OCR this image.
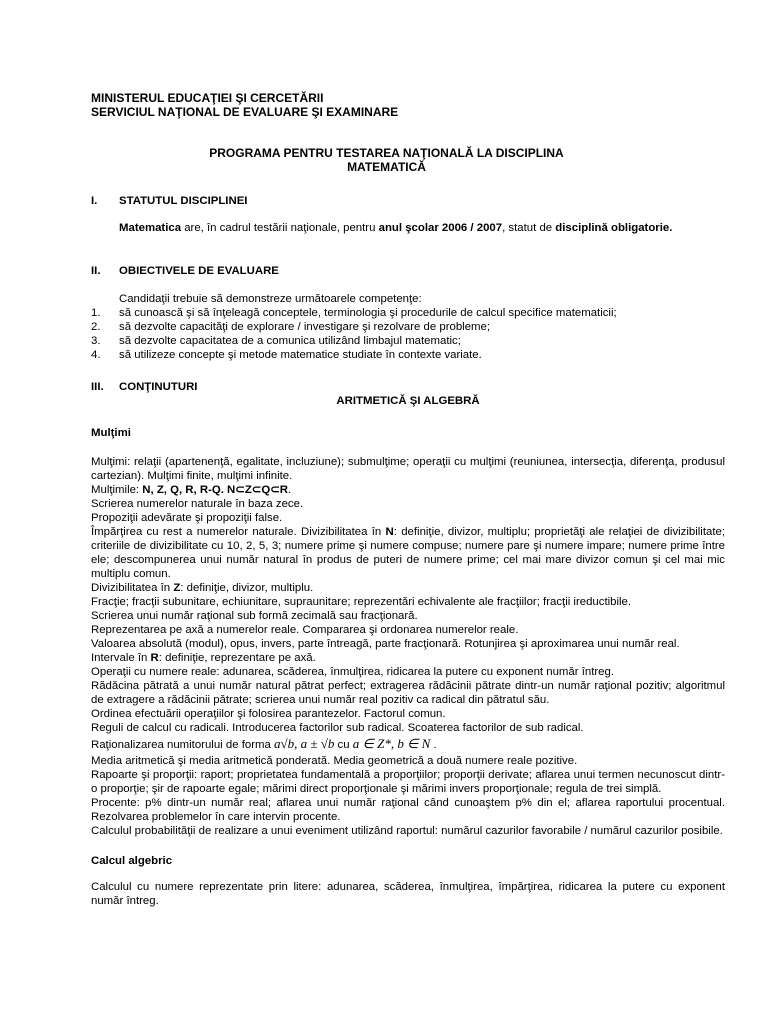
MINISTERUL EDUCAŢIEI ŞI CERCETĂRII
SERVICIUL NAŢIONAL DE EVALUARE ŞI EXAMINARE
PROGRAMA PENTRU TESTAREA NAŢIONALĂ LA DISCIPLINA
MATEMATICĂ
I. STATUTUL DISCIPLINEI
Matematica are, în cadrul testării naţionale, pentru anul şcolar 2006 / 2007, statut de disciplină obligatorie.
II. OBIECTIVELE DE EVALUARE
Candidaţii trebuie să demonstreze următoarele competenţe:
1. să cunoască şi să înţeleagă conceptele, terminologia şi procedurile de calcul specifice matematicii;
2. să dezvolte capacităţi de explorare / investigare şi rezolvare de probleme;
3. să dezvolte capacitatea de a comunica utilizând limbajul matematic;
4. să utilizeze concepte şi metode matematice studiate în contexte variate.
III. CONŢINUTURI
ARITMETICĂ ŞI ALGEBRĂ
Mulţimi

Mulţimi: relaţii (apartenenţă, egalitate, incluziune); submulţime; operaţii cu mulţimi (reuniunea, intersecţia, diferenţa, produsul cartezian). Mulţimi finite, mulţimi infinite.

Mulţimile: N, Z, Q, R, R-Q. N⊂Z⊂Q⊂R.

Scrierea numerelor naturale în baza zece.

Propoziţii adevărate şi propoziţii false.

Împărţirea cu rest a numerelor naturale. Divizibilitatea în N: definiţie, divizor, multiplu; proprietăţi ale relaţiei de divizibilitate; criteriile de divizibilitate cu 10, 2, 5, 3; numere prime şi numere compuse; numere pare şi numere impare; numere prime între ele; descompunerea unui număr natural în produs de puteri de numere prime; cel mai mare divizor comun şi cel mai mic multiplu comun.

Divizibilitatea în Z: definiţie, divizor, multiplu.

Fracţie; fracţii subunitare, echiunitare, supraunitare; reprezentări echivalente ale fracţiilor; fracţii ireductibile.

Scrierea unui număr raţional sub formă zecimală sau fracţionară.

Reprezentarea pe axă a numerelor reale. Compararea şi ordonarea numerelor reale.

Valoarea absolută (modul), opus, invers, parte întreagă, parte fracţionară. Rotunjirea şi aproximarea unui număr real.

Intervale în R: definiţie, reprezentare pe axă.

Operaţii cu numere reale: adunarea, scăderea, înmulţirea, ridicarea la putere cu exponent număr întreg.

Rădăcina pătrată a unui număr natural pătrat perfect; extragerea rădăcinii pătrate dintr-un număr raţional pozitiv; algoritmul de extragere a rădăcinii pătrate; scrierea unui număr real pozitiv ca radical din pătratul său.

Ordinea efectuării operaţiilor şi folosirea parantezelor. Factorul comun.

Reguli de calcul cu radicali. Introducerea factorilor sub radical. Scoaterea factorilor de sub radical.

Raţionalizarea numitorului de forma a√b, a ± √b cu a ∈ Z*, b ∈ N .

Media aritmetică şi media aritmetică ponderată. Media geometrică a două numere reale pozitive.

Rapoarte şi proporţii: raport; proprietatea fundamentală a proporţiilor; proporţii derivate; aflarea unui termen necunoscut dintr-o proporţie; şir de rapoarte egale; mărimi direct proporţionale şi mărimi invers proporţionale; regula de trei simplă.

Procente: p% dintr-un număr real; aflarea unui număr raţional când cunoaştem p% din el; aflarea raportului procentual. Rezolvarea problemelor în care intervin procente.

Calculul probabilităţii de realizare a unui eveniment utilizând raportul: numărul cazurilor favorabile / numărul cazurilor posibile.

Calcul algebric

Calculul cu numere reprezentate prin litere: adunarea, scăderea, înmulţirea, împărţirea, ridicarea la putere cu exponent număr întreg.
